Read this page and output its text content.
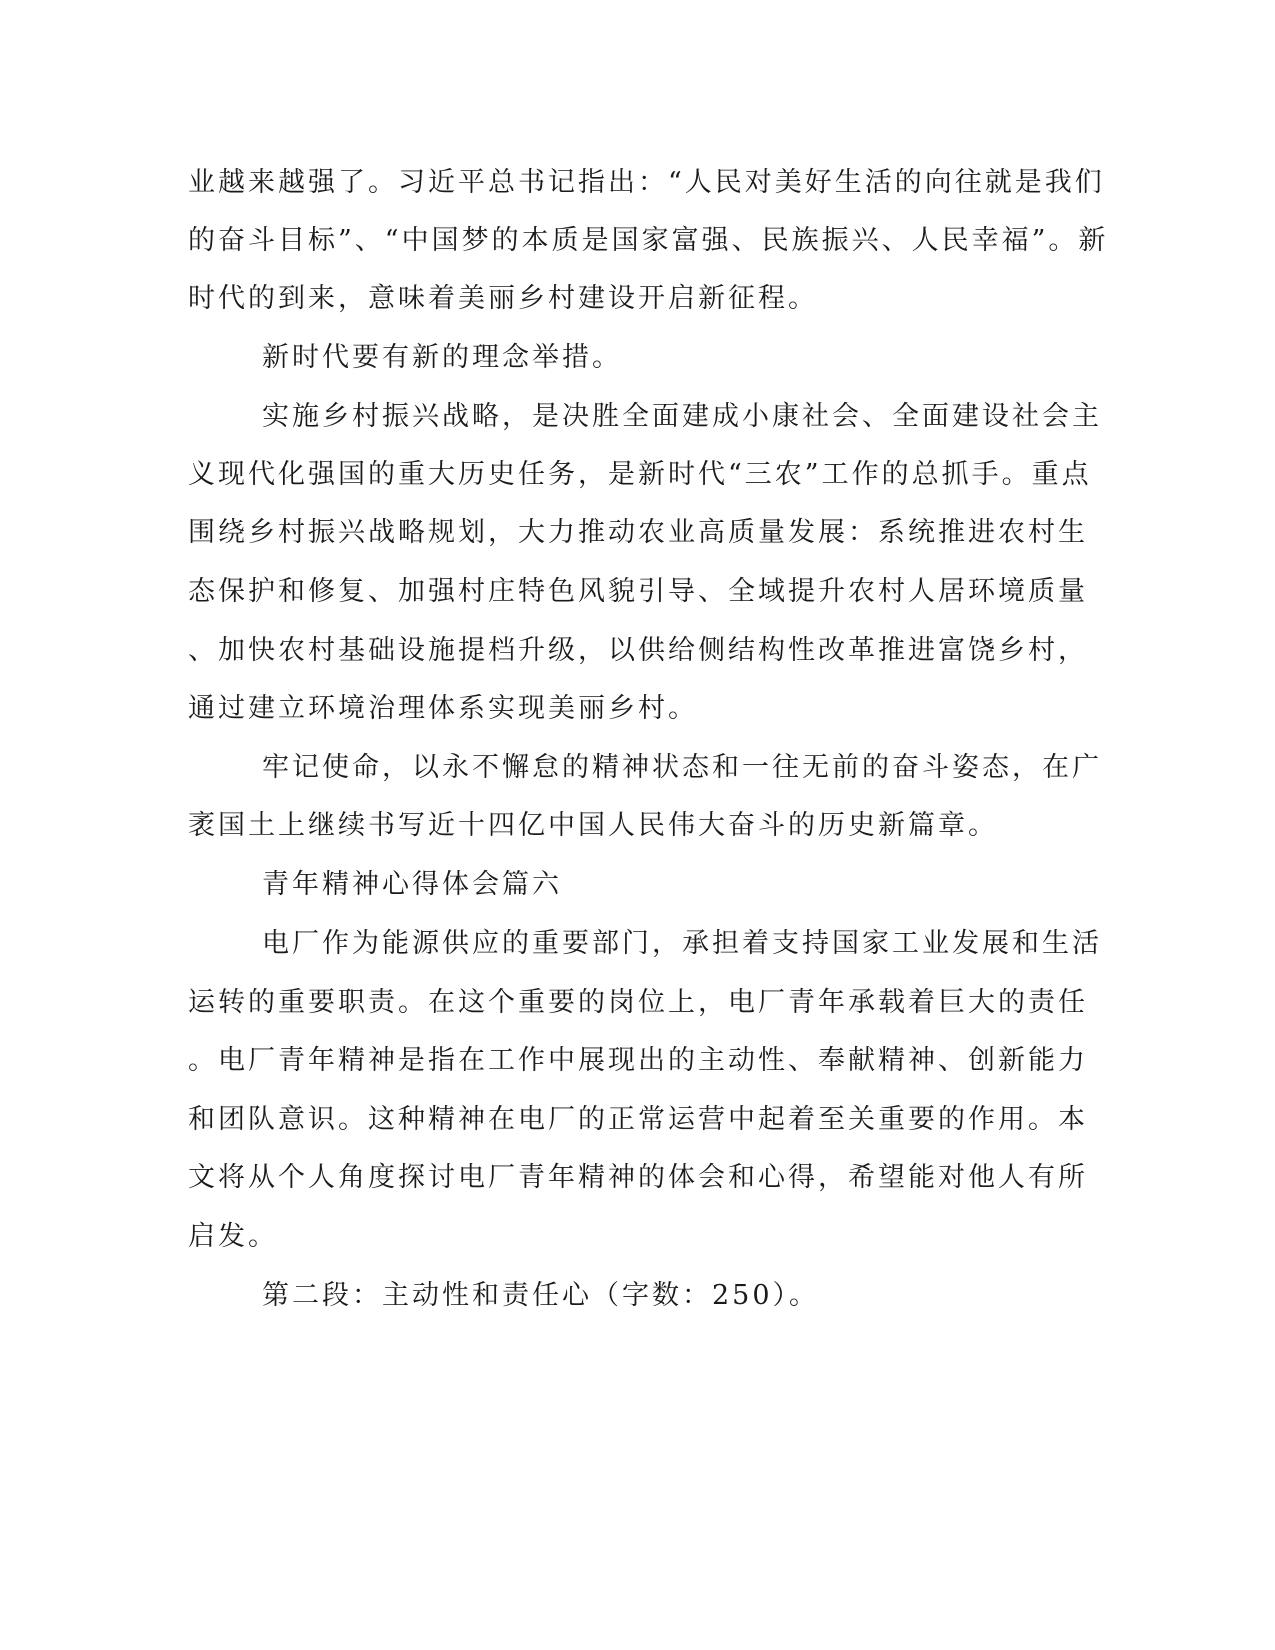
业越来越强了。习近平总书记指出：“人民对美好生活的向往就是我们
的奋斗目标”、“中国梦的本质是国家富强、民族振兴、人民幸福”。新
时代的到来，意味着美丽乡村建设开启新征程。
新时代要有新的理念举措。
实施乡村振兴战略，是决胜全面建成小康社会、全面建设社会主
义现代化强国的重大历史任务，是新时代“三农”工作的总抓手。重点
围绕乡村振兴战略规划，大力推动农业高质量发展：系统推进农村生
态保护和修复、加强村庄特色风貌引导、全域提升农村人居环境质量
、加快农村基础设施提档升级，以供给侧结构性改革推进富饶乡村，
通过建立环境治理体系实现美丽乡村。
牢记使命，以永不懈怠的精神状态和一往无前的奋斗姿态，在广
袤国土上继续书写近十四亿中国人民伟大奋斗的历史新篇章。
青年精神心得体会篇六
电厂作为能源供应的重要部门，承担着支持国家工业发展和生活
运转的重要职责。在这个重要的岗位上，电厂青年承载着巨大的责任
。电厂青年精神是指在工作中展现出的主动性、奉献精神、创新能力
和团队意识。这种精神在电厂的正常运营中起着至关重要的作用。本
文将从个人角度探讨电厂青年精神的体会和心得，希望能对他人有所
启发。
第二段：主动性和责任心（字数：250）。
